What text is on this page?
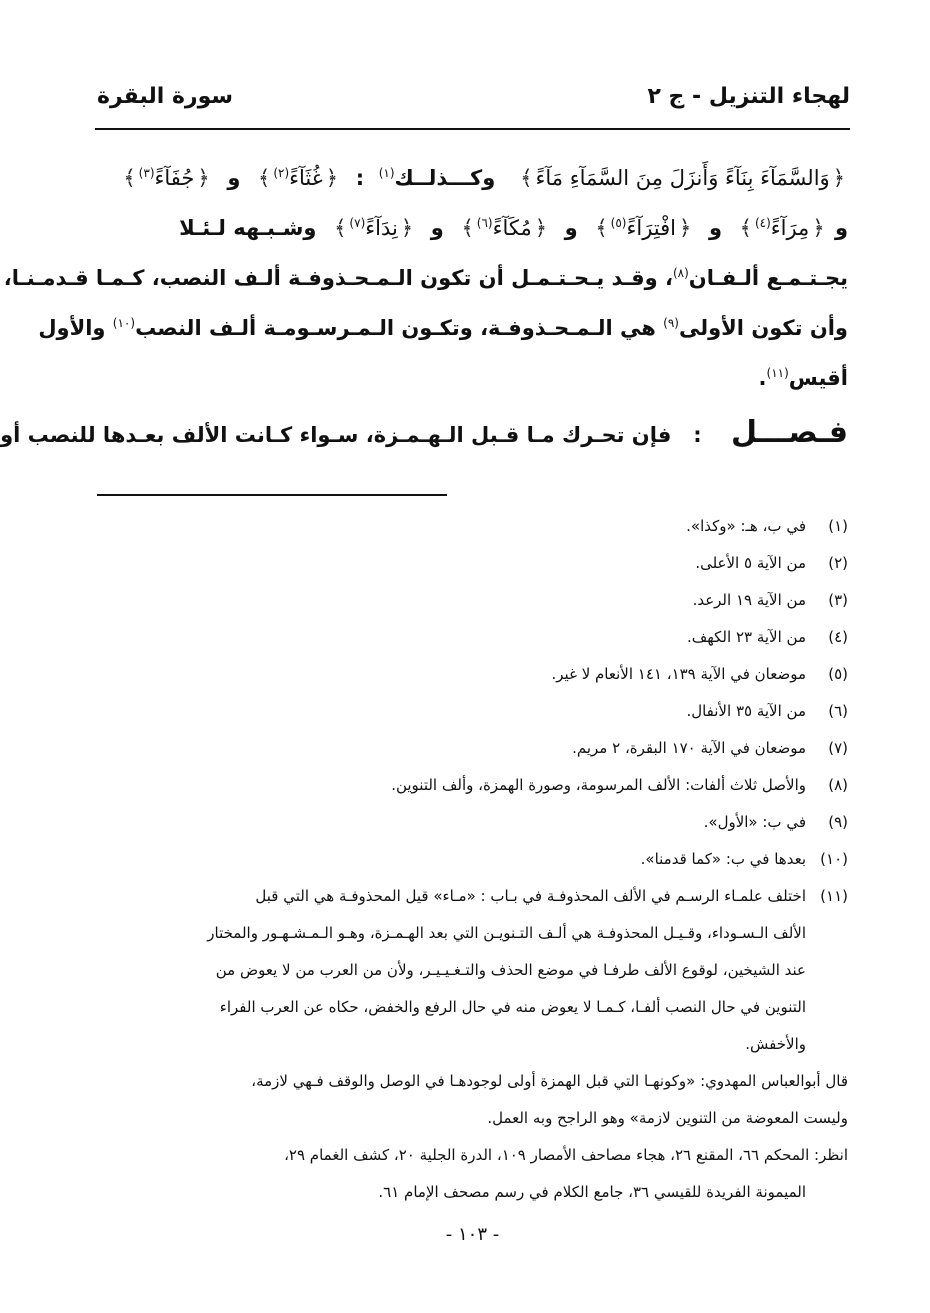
لهجاء التنزيل - ج ٢
سورة البقرة
﴿وَالسَّمَآءَ بِنَآءً وَأَنزَلَ مِنَ السَّمَآءِ مَآءً﴾   وكـــذلــك$^{(١)}$  :  ﴿غُثَآءً$^{(٢)}$﴾  و  ﴿جُفَآءً$^{(٣)}$﴾
و ﴿مِرَآءً$^{(٤)}$﴾  و  ﴿افْتِرَآءً$^{(٥)}$﴾  و  ﴿مُكَآءً$^{(٦)}$﴾  و  ﴿نِدَآءً$^{(٧)}$﴾  وشـبـهه لـئـلا
يجـتـمـع ألـفـان$^{(٨)}$، وقـد يـحـتـمـل أن تكون الـمـحـذوفـة ألـف النصب، كـمـا قـدمـنـا،
وأن تكون الأولى$^{(٩)}$ هي الـمـحـذوفـة، وتكـون الـمـرسـومـة ألـف النصب$^{(١٠)}$ والأول
أقيس$^{(١١)}$.
فـصـــل :   فإن تحـرك مـا قـبل الـهـمـزة، سـواء كـانت الألف بعـدها للنصب أو
(١)في ب، هـ: «وكذا».
(٢)من الآية ٥ الأعلى.
(٣)من الآية ١٩ الرعد.
(٤)من الآية ٢٣ الكهف.
(٥)موضعان في الآية ١٣٩، ١٤١ الأنعام لا غير.
(٦)من الآية ٣٥ الأنفال.
(٧)موضعان في الآية ١٧٠ البقرة، ٢ مريم.
(٨)والأصل ثلاث ألفات: الألف المرسومة، وصورة الهمزة، وألف التنوين.
(٩)في ب: «الأول».
(١٠)بعدها في ب: «كما قدمنا».
(١١)
اختلف علمـاء الرسـم في الألف المحذوفـة في بـاب : «مـاء» قيل المحذوفـة هي التي قبل
الألف الـسـوداء، وقـيـل المحذوفـة هي ألـف التـنويـن التي بعد الهـمـزة، وهـو الـمـشـهـور والمختار
عند الشيخين، لوقوع الألف طرفـا في موضع الحذف والتـغـيـيـر، ولأن من العرب من لا يعوض من
التنوين في حال النصب ألفـا، كـمـا لا يعوض منه في حال الرفع والخفض، حكاه عن العرب الفراء
والأخفش.
قال أبوالعباس المهدوي: «وكونهـا التي قبل الهمزة أولى لوجودهـا في الوصل والوقف فـهي لازمة،
وليست المعوضة من التنوين لازمة» وهو الراجح وبه العمل.
انظر: المحكم ٦٦، المقنع ٢٦، هجاء مصاحف الأمصار ١٠٩، الدرة الجلية ٢٠، كشف الغمام ٢٩،
الميمونة الفريدة للقيسي ٣٦، جامع الكلام في رسم مصحف الإمام ٦١.
- ١٠٣ -
